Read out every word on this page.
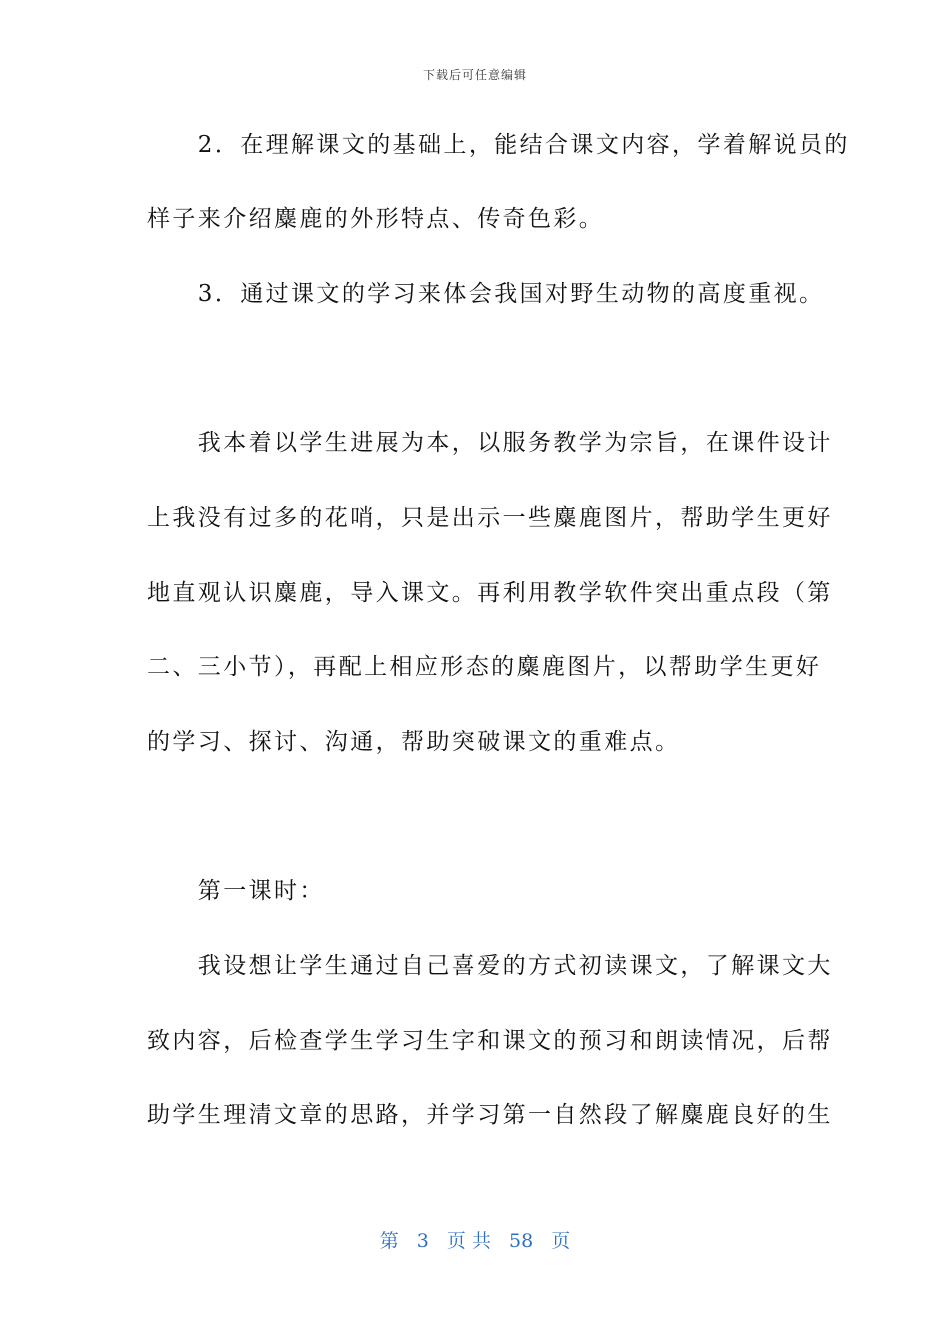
下载后可任意编辑
　　2．在理解课文的基础上，能结合课文内容，学着解说员的
样子来介绍麋鹿的外形特点、传奇色彩。
　　3．通过课文的学习来体会我国对野生动物的高度重视。
　　我本着以学生进展为本，以服务教学为宗旨，在课件设计
上我没有过多的花哨，只是出示一些麋鹿图片，帮助学生更好
地直观认识麋鹿，导入课文。再利用教学软件突出重点段（第
二、三小节），再配上相应形态的麋鹿图片，以帮助学生更好
的学习、探讨、沟通，帮助突破课文的重难点。
　　第一课时：
　　我设想让学生通过自己喜爱的方式初读课文，了解课文大
致内容，后检查学生学习生字和课文的预习和朗读情况，后帮
助学生理清文章的思路，并学习第一自然段了解麋鹿良好的生
第 3 页 共 58 页
